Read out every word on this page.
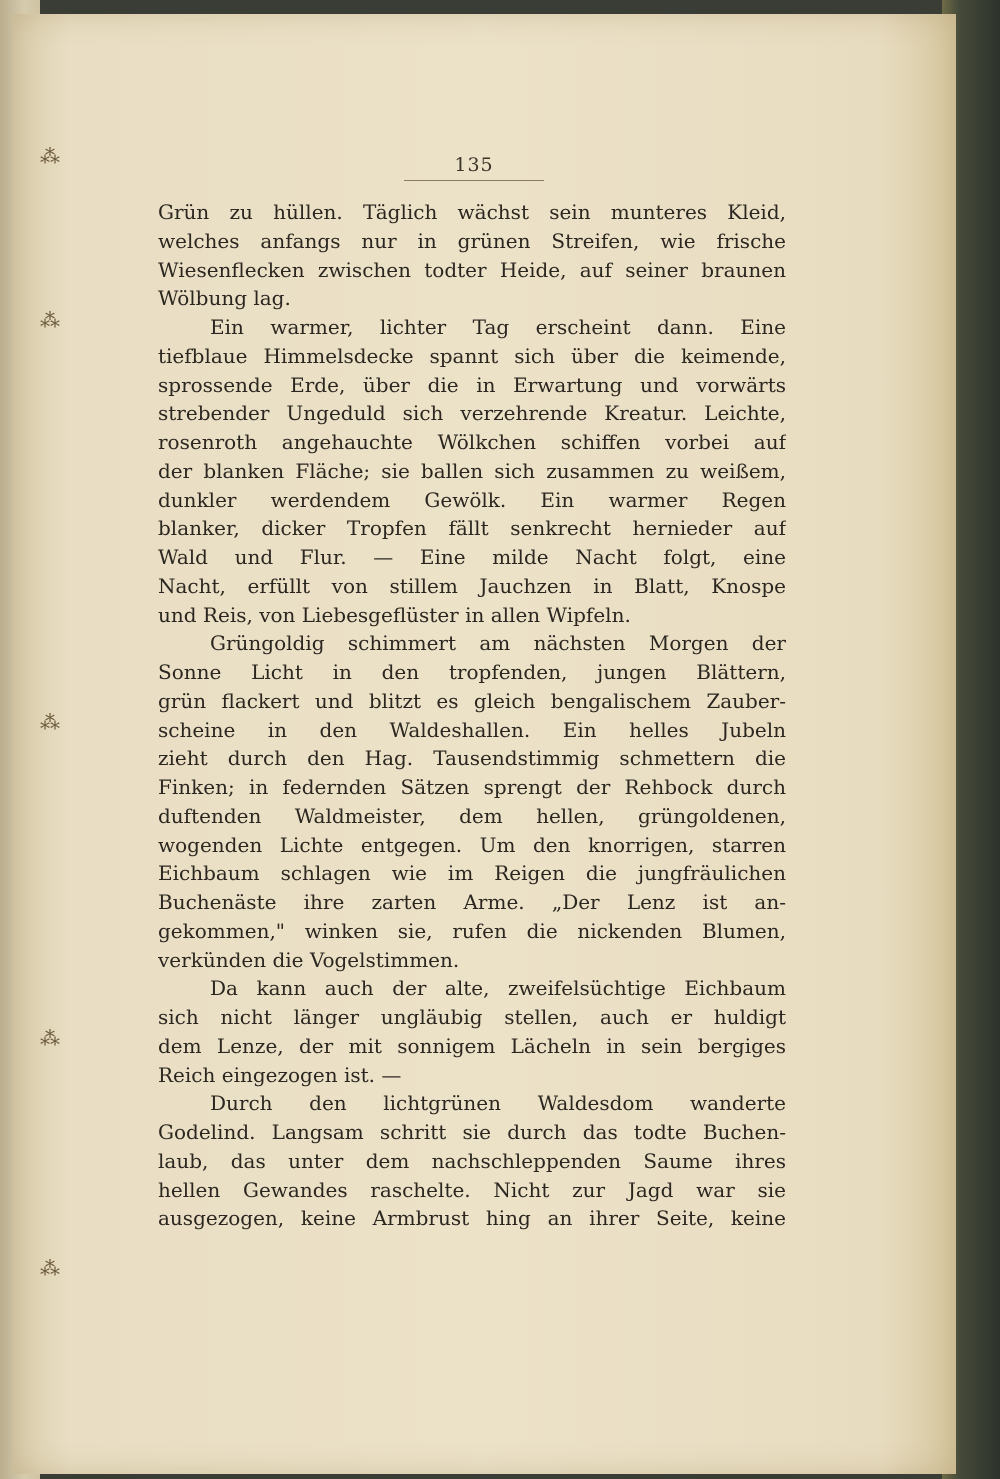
⁂
⁂
⁂
⁂
⁂
135
Grün zu hüllen. Täglich wächst sein munteres Kleid,
welches anfangs nur in grünen Streifen, wie frische
Wiesenflecken zwischen todter Heide, auf seiner braunen
Wölbung lag.
Ein warmer, lichter Tag erscheint dann. Eine
tiefblaue Himmelsdecke spannt sich über die keimende,
sprossende Erde, über die in Erwartung und vorwärts
strebender Ungeduld sich verzehrende Kreatur. Leichte,
rosenroth angehauchte Wölkchen schiffen vorbei auf
der blanken Fläche; sie ballen sich zusammen zu weißem,
dunkler werdendem Gewölk. Ein warmer Regen
blanker, dicker Tropfen fällt senkrecht hernieder auf
Wald und Flur. — Eine milde Nacht folgt, eine
Nacht, erfüllt von stillem Jauchzen in Blatt, Knospe
und Reis, von Liebesgeflüster in allen Wipfeln.
Grüngoldig schimmert am nächsten Morgen der
Sonne Licht in den tropfenden, jungen Blättern,
grün flackert und blitzt es gleich bengalischem Zauber-
scheine in den Waldeshallen. Ein helles Jubeln
zieht durch den Hag. Tausendstimmig schmettern die
Finken; in federnden Sätzen sprengt der Rehbock durch
duftenden Waldmeister, dem hellen, grüngoldenen,
wogenden Lichte entgegen. Um den knorrigen, starren
Eichbaum schlagen wie im Reigen die jungfräulichen
Buchenäste ihre zarten Arme. „Der Lenz ist an-
gekommen," winken sie, rufen die nickenden Blumen,
verkünden die Vogelstimmen.
Da kann auch der alte, zweifelsüchtige Eichbaum
sich nicht länger ungläubig stellen, auch er huldigt
dem Lenze, der mit sonnigem Lächeln in sein bergiges
Reich eingezogen ist. —
Durch den lichtgrünen Waldesdom wanderte
Godelind. Langsam schritt sie durch das todte Buchen-
laub, das unter dem nachschleppenden Saume ihres
hellen Gewandes raschelte. Nicht zur Jagd war sie
ausgezogen, keine Armbrust hing an ihrer Seite, keine
